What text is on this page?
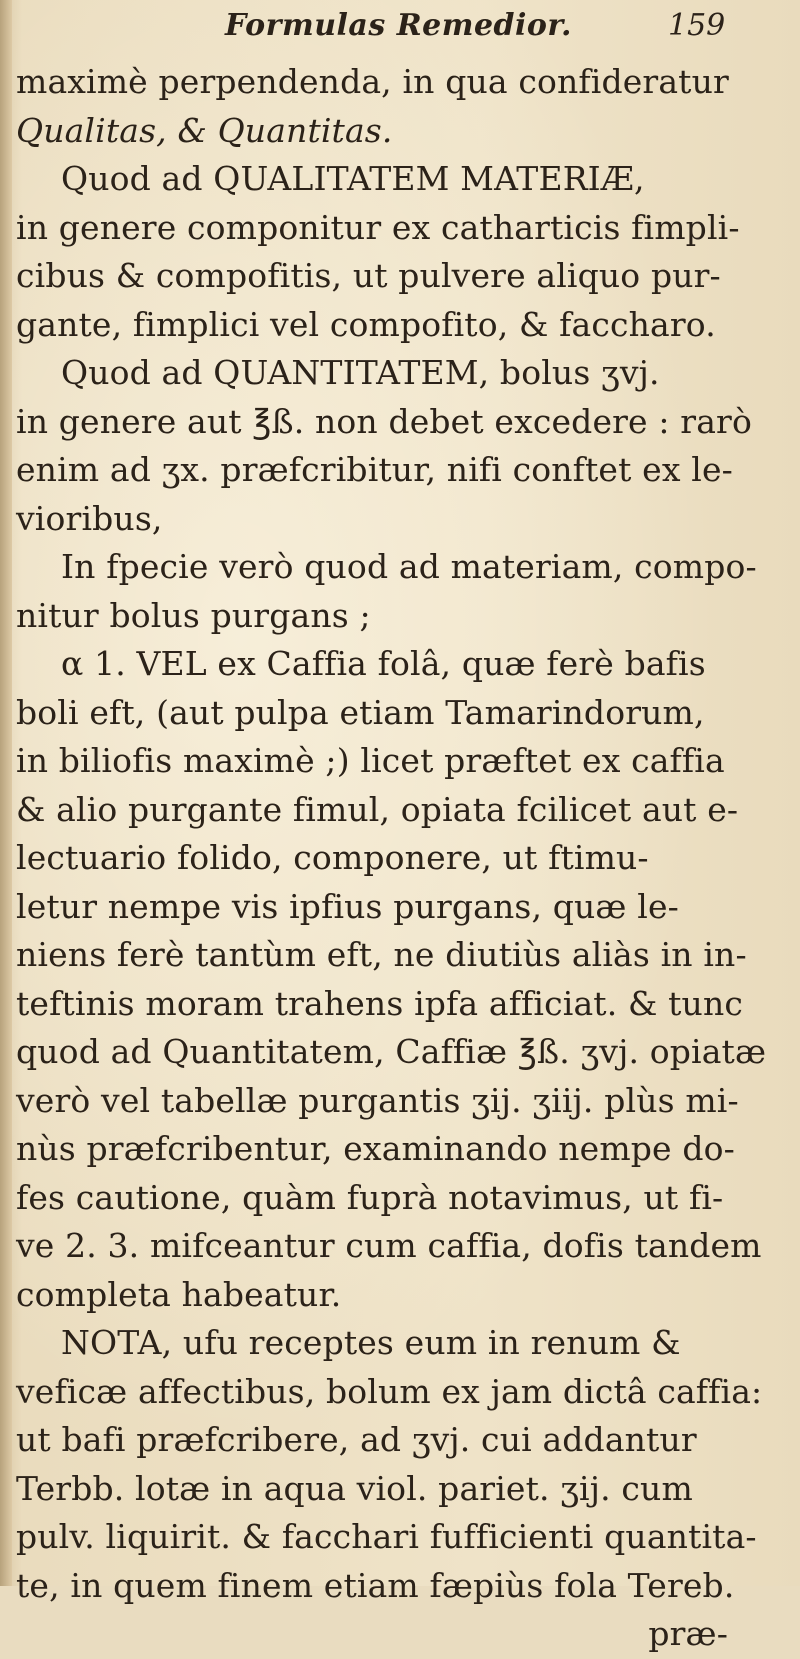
Formulas Remedior.	159
maximè perpendenda, in qua confideratur
Qualitas, & Quantitas.
Quod ad QUALITATEM MATERIÆ,
in genere componitur ex catharticis fimpli-
cibus & compofitis, ut pulvere aliquo pur-
gante, fimplici vel compofito, & faccharo.
Quod ad QUANTITATEM, bolus ʒvj.
in genere aut ℥ß. non debet excedere : rarò
enim ad ʒx. præfcribitur, nifi conftet ex le-
vioribus,
In fpecie verò quod ad materiam, compo-
nitur bolus purgans ;
α 1. VEL ex Caffia folâ, quæ ferè bafis
boli eft, (aut pulpa etiam Tamarindorum,
in biliofis maximè ;) licet præftet ex caffia
& alio purgante fimul, opiata fcilicet aut e-
lectuario folido, componere, ut ftimu-
letur nempe vis ipfius purgans, quæ le-
niens ferè tantùm eft, ne diutiùs aliàs in in-
teftinis moram trahens ipfa afficiat. & tunc
quod ad Quantitatem, Caffiæ ℥ß. ʒvj. opiatæ
verò vel tabellæ purgantis ʒij. ʒiij. plùs mi-
nùs præfcribentur, examinando nempe do-
fes cautione, quàm fuprà notavimus, ut fi-
ve 2. 3. mifceantur cum caffia, dofis tandem
completa habeatur.
NOTA, ufu receptes eum in renum &
veficæ affectibus, bolum ex jam dictâ caffia:
ut bafi præfcribere, ad ʒvj. cui addantur
Terbb. lotæ in aqua viol. pariet. ʒij. cum
pulv. liquirit. & facchari fufficienti quantita-
te, in quem finem etiam fæpiùs fola Tereb.
præ-
